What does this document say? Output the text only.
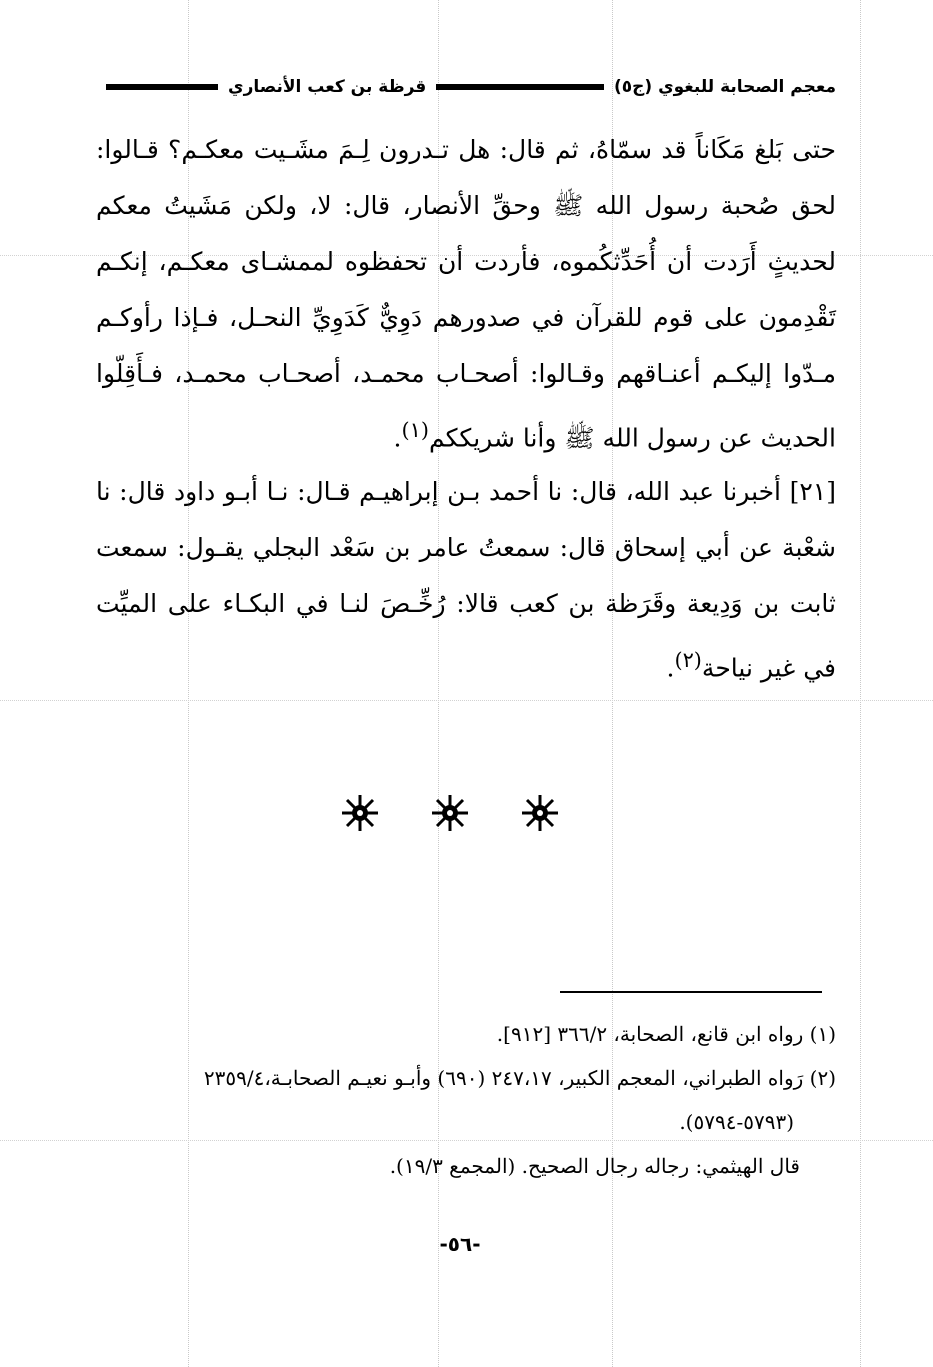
معجم الصحابة للبغوي (ج٥)
قرظة بن كعب الأنصاري

حتى بَلغ مَكَاناً قد سمّاهُ، ثم قال: هل تـدرون لِـمَ مشَـيت معكـم؟ قـالوا: لحق صُحبة رسول الله ﷺ وحقِّ الأنصار، قال: لا، ولكن مَشَيتُ معكم لحديثٍ أَرَدت أن أُحَدِّثكُموه، فأردت أن تحفظوه لممشـاى معكـم، إنكـم تَقْدِمون على قوم للقرآن في صدورهم دَوِيٌّ كَدَوِيِّ النحـل، فـإذا رأوكـم مـدّوا إليكـم أعنـاقهم وقـالوا: أصحـاب محمـد، أصحـاب محمـد، فـأَقِلّوا الحديث عن رسول الله ﷺ وأنا شريككم$^{(١)}$.

[٢١] أخبرنا عبد الله، قال: نا أحمد بـن إبراهيـم قـال: نـا أبـو داود قال: نا شعْبة عن أبي إسحاق قال: سمعتُ عامر بن سَعْد البجلي يقـول: سمعت ثابت بن وَدِيعة وقَرَظة بن كعب قالا: رُخِّـصَ لنـا في البكـاء على الميِّت في غير نياحة$^{(٢)}$.

(١) رواه ابن قانع، الصحابة، ٣٦٦/٢ [٩١٢].

(٢) رَواه الطبراني، المعجم الكبير، ٢٤٧،١٧ (٦٩٠) وأبـو نعيـم الصحابـة،٢٣٥٩/٤

(٥٧٩٣-٥٧٩٤).

قال الهيثمي: رجاله رجال الصحيح. (المجمع ١٩/٣).

-٥٦-
